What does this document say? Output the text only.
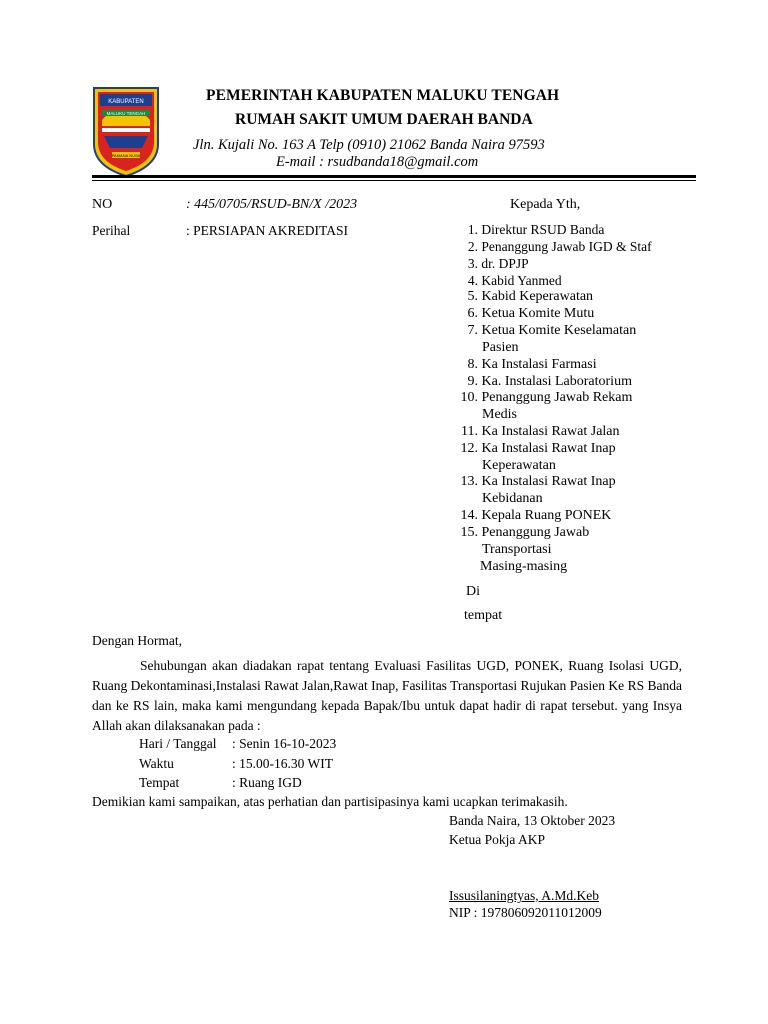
KABUPATEN
MALUKU TENGAH
PAMANA NUSA
PEMERINTAH KABUPATEN MALUKU TENGAH
RUMAH SAKIT UMUM DAERAH BANDA
Jln. Kujali No. 163 A Telp (0910) 21062 Banda Naira 97593
E-mail : rsudbanda18@gmail.com
NO	: 445/0705/RSUD-BN/X /2023
Perihal	: PERSIAPAN AKREDITASI
Kepada Yth,
1. Direktur RSUD Banda
2. Penanggung Jawab IGD & Staf
3. dr. DPJP
4. Kabid Yanmed
5. Kabid Keperawatan
6. Ketua Komite Mutu
7. Ketua Komite Keselamatan
Pasien
8. Ka Instalasi Farmasi
9. Ka. Instalasi Laboratorium
10. Penanggung Jawab Rekam
Medis
11. Ka Instalasi Rawat Jalan
12. Ka Instalasi Rawat Inap
Keperawatan
13. Ka Instalasi Rawat Inap
Kebidanan
14. Kepala Ruang PONEK
15. Penanggung Jawab
Transportasi
Masing-masing
Di
tempat
Dengan Hormat,
Sehubungan akan diadakan rapat tentang Evaluasi Fasilitas UGD, PONEK, Ruang Isolasi UGD, Ruang Dekontaminasi,Instalasi Rawat Jalan,Rawat Inap, Fasilitas Transportasi Rujukan Pasien Ke RS Banda dan ke RS lain, maka kami mengundang kepada Bapak/Ibu untuk dapat hadir di rapat tersebut. yang Insya Allah akan dilaksanakan pada :
Hari / Tanggal : Senin 16-10-2023
Waktu	: 15.00-16.30 WIT
Tempat	: Ruang IGD
Demikian kami sampaikan, atas perhatian dan partisipasinya kami ucapkan terimakasih.
Banda Naira, 13 Oktober 2023
Ketua Pokja AKP
Issusilaningtyas, A.Md.Keb
NIP : 197806092011012009
